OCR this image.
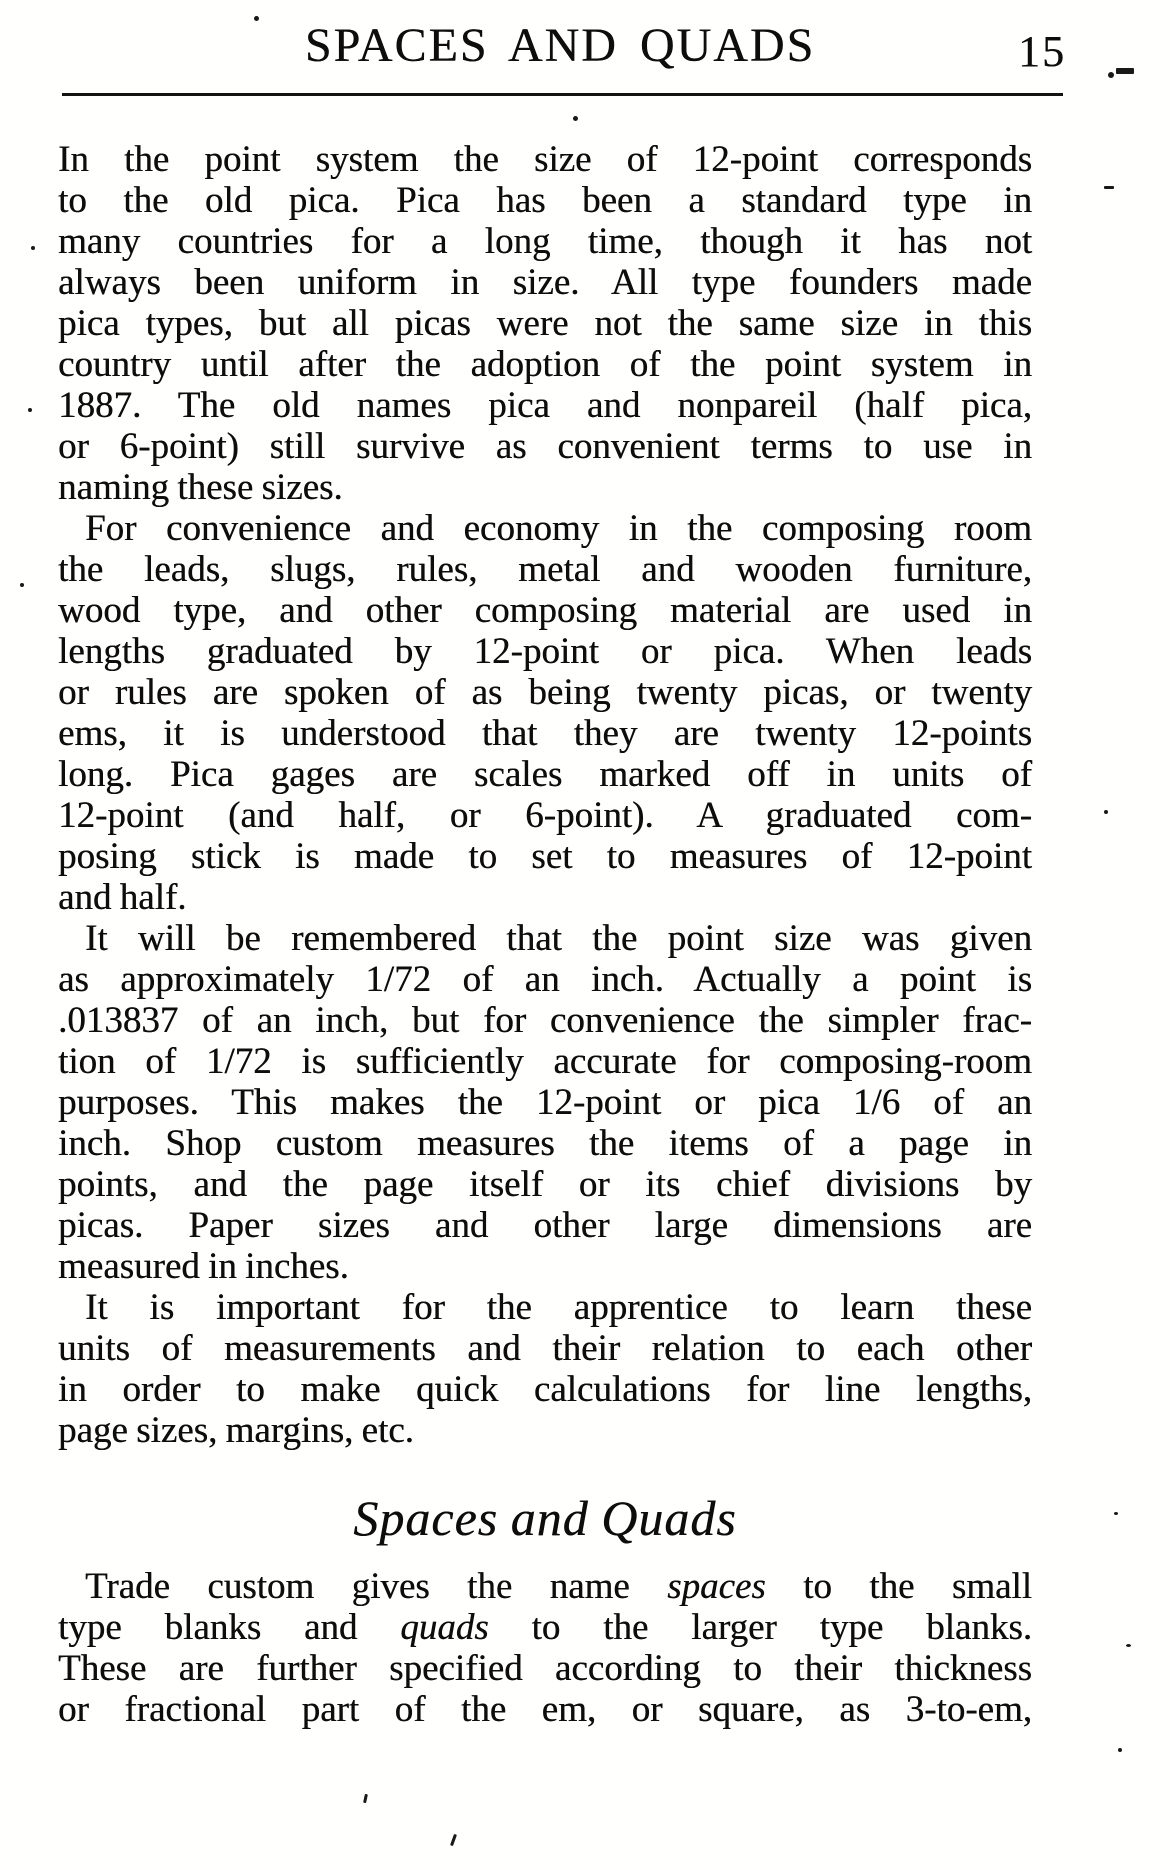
SPACES AND QUADS	15
In the point system the size of 12-point corresponds
to the old pica. Pica has been a standard type in
many countries for a long time, though it has not
always been uniform in size. All type founders made
pica types, but all picas were not the same size in this
country until after the adoption of the point system in
1887. The old names pica and nonpareil (half pica,
or 6-point) still survive as convenient terms to use in
naming these sizes.
For convenience and economy in the composing room
the leads, slugs, rules, metal and wooden furniture,
wood type, and other composing material are used in
lengths graduated by 12-point or pica. When leads
or rules are spoken of as being twenty picas, or twenty
ems, it is understood that they are twenty 12-points
long. Pica gages are scales marked off in units of
12-point (and half, or 6-point). A graduated com-
posing stick is made to set to measures of 12-point
and half.
It will be remembered that the point size was given
as approximately 1/72 of an inch. Actually a point is
.013837 of an inch, but for convenience the simpler frac-
tion of 1/72 is sufficiently accurate for composing-room
purposes. This makes the 12-point or pica 1/6 of an
inch. Shop custom measures the items of a page in
points, and the page itself or its chief divisions by
picas. Paper sizes and other large dimensions are
measured in inches.
It is important for the apprentice to learn these
units of measurements and their relation to each other
in order to make quick calculations for line lengths,
page sizes, margins, etc.
Spaces and Quads
Trade custom gives the name spaces to the small
type blanks and quads to the larger type blanks.
These are further specified according to their thickness
or fractional part of the em, or square, as 3-to-em,
